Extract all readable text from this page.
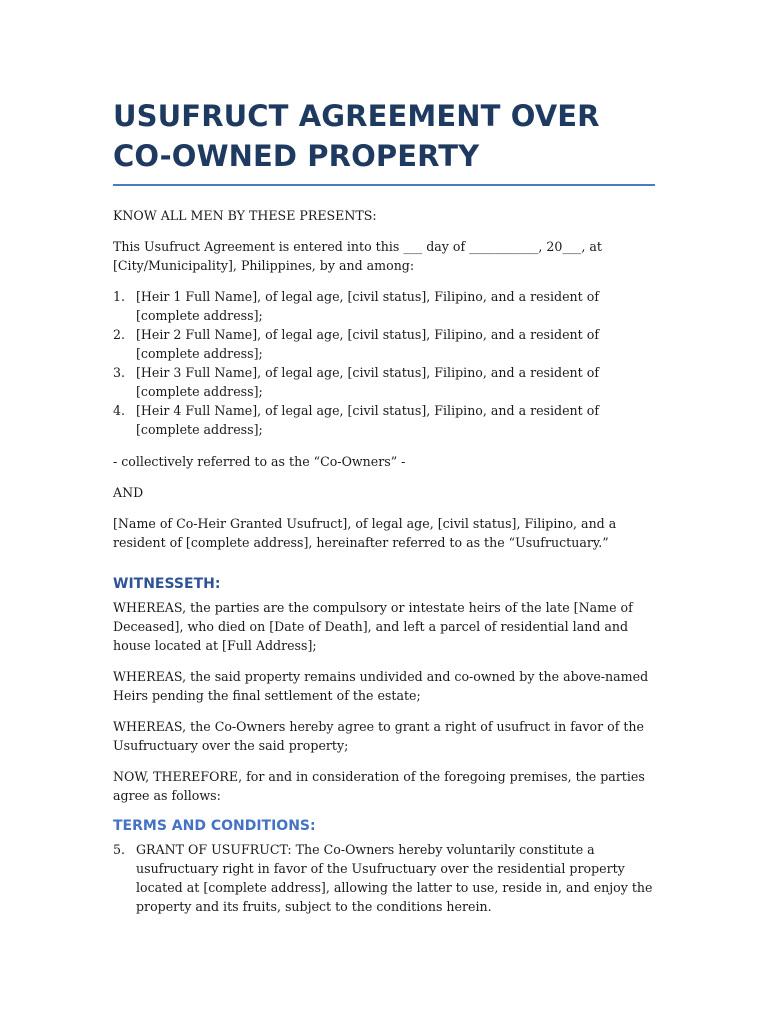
USUFRUCT AGREEMENT OVER CO-OWNED PROPERTY

KNOW ALL MEN BY THESE PRESENTS:

This Usufruct Agreement is entered into this ___ day of ___________, 20___, at [City/Municipality], Philippines, by and among:

1. [Heir 1 Full Name], of legal age, [civil status], Filipino, and a resident of [complete address];
2. [Heir 2 Full Name], of legal age, [civil status], Filipino, and a resident of [complete address];
3. [Heir 3 Full Name], of legal age, [civil status], Filipino, and a resident of [complete address];
4. [Heir 4 Full Name], of legal age, [civil status], Filipino, and a resident of [complete address];

- collectively referred to as the “Co-Owners” -

AND

[Name of Co-Heir Granted Usufruct], of legal age, [civil status], Filipino, and a resident of [complete address], hereinafter referred to as the “Usufructuary.”

WITNESSETH:

WHEREAS, the parties are the compulsory or intestate heirs of the late [Name of Deceased], who died on [Date of Death], and left a parcel of residential land and house located at [Full Address];

WHEREAS, the said property remains undivided and co-owned by the above-named Heirs pending the final settlement of the estate;

WHEREAS, the Co-Owners hereby agree to grant a right of usufruct in favor of the Usufructuary over the said property;

NOW, THEREFORE, for and in consideration of the foregoing premises, the parties agree as follows:

TERMS AND CONDITIONS:
5. GRANT OF USUFRUCT: The Co-Owners hereby voluntarily constitute a usufructuary right in favor of the Usufructuary over the residential property located at [complete address], allowing the latter to use, reside in, and enjoy the property and its fruits, subject to the conditions herein.
